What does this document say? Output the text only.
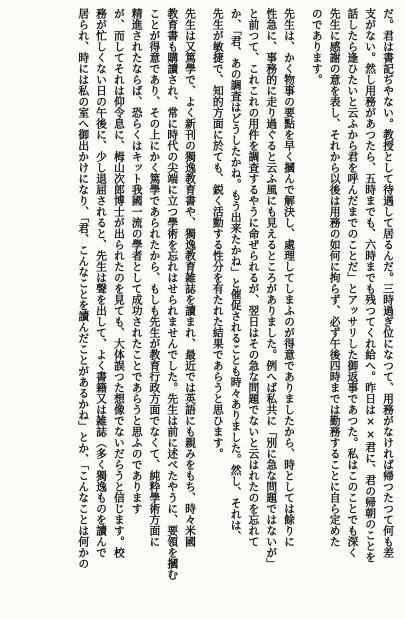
だ。君は書記ぢやない。教授として待遇して居るんだ。三時過ぎ位になつて、用務がなければ帰つたつて何も差
支がない。然し用務があつたら、五時までも、六時までも残つてくれ給へ。昨日は××君に、君の帰朝のことを
話したら逢ひたいと云ふから君を呼んだまでのことだ」とアッサリした御返事であつた。私はこのことでも深く
先生に感謝の意を表し、それから以後は用務の如何に拘らず、必ず午後四時までは勤務することに自ら定めた
のであります。
先生は、かく物事の要點を早く摑んで解決し、處理してしまふのが得意でありましたから、時としては餘りに
性急に、事務的に走り過ぐると云ふ風にも見えるところがありました。例へば私共に「別に急な問題ではないが」
と前つて、これこれの用件を調査するやうに命ぜられるが、翌日はその急な問題でないと云はれたのを忘れて
か、「君、あの調査はどうしたかね。もう出来たかね」と催促されることも時々ありました。然し、それは、
先生が敏捷で、知的方面に於ても、鋭く活動する性分を有たれた結果であらうと思ひます。
先生は又篤學で、よく新刊の獨逸教育書や、獨逸教育雑誌を讀まれ、最近では英語にも親みをもち、時々米國
教育書も購讀され、常に時代の尖端に立つ學術を忘れはせられませんでした。先生は前に述べたやうに、要領を摑む
ことが得意であり、その上にかく篤學であられたから、もしも先生が教育行政方面でなくて、純粋學術方面に
精進されたならば、恐らくはキット我國一流の學者として成功されたことであらうと思ふのであります
が、而してそれは仰令息に、栂山次郎博士が出られたのを見ても、大体誤つた想像でないだらうと信じます。校
務が忙しくない日の午後に、少し退屈されると、先生は聲を出して、よく書籍又は雑誌（多く獨逸ものを讀んで
居られ、時には私の室へ御出かけになり、「君、こんなことを讀んだことがあるかね」とか、「こんなことは何かの
